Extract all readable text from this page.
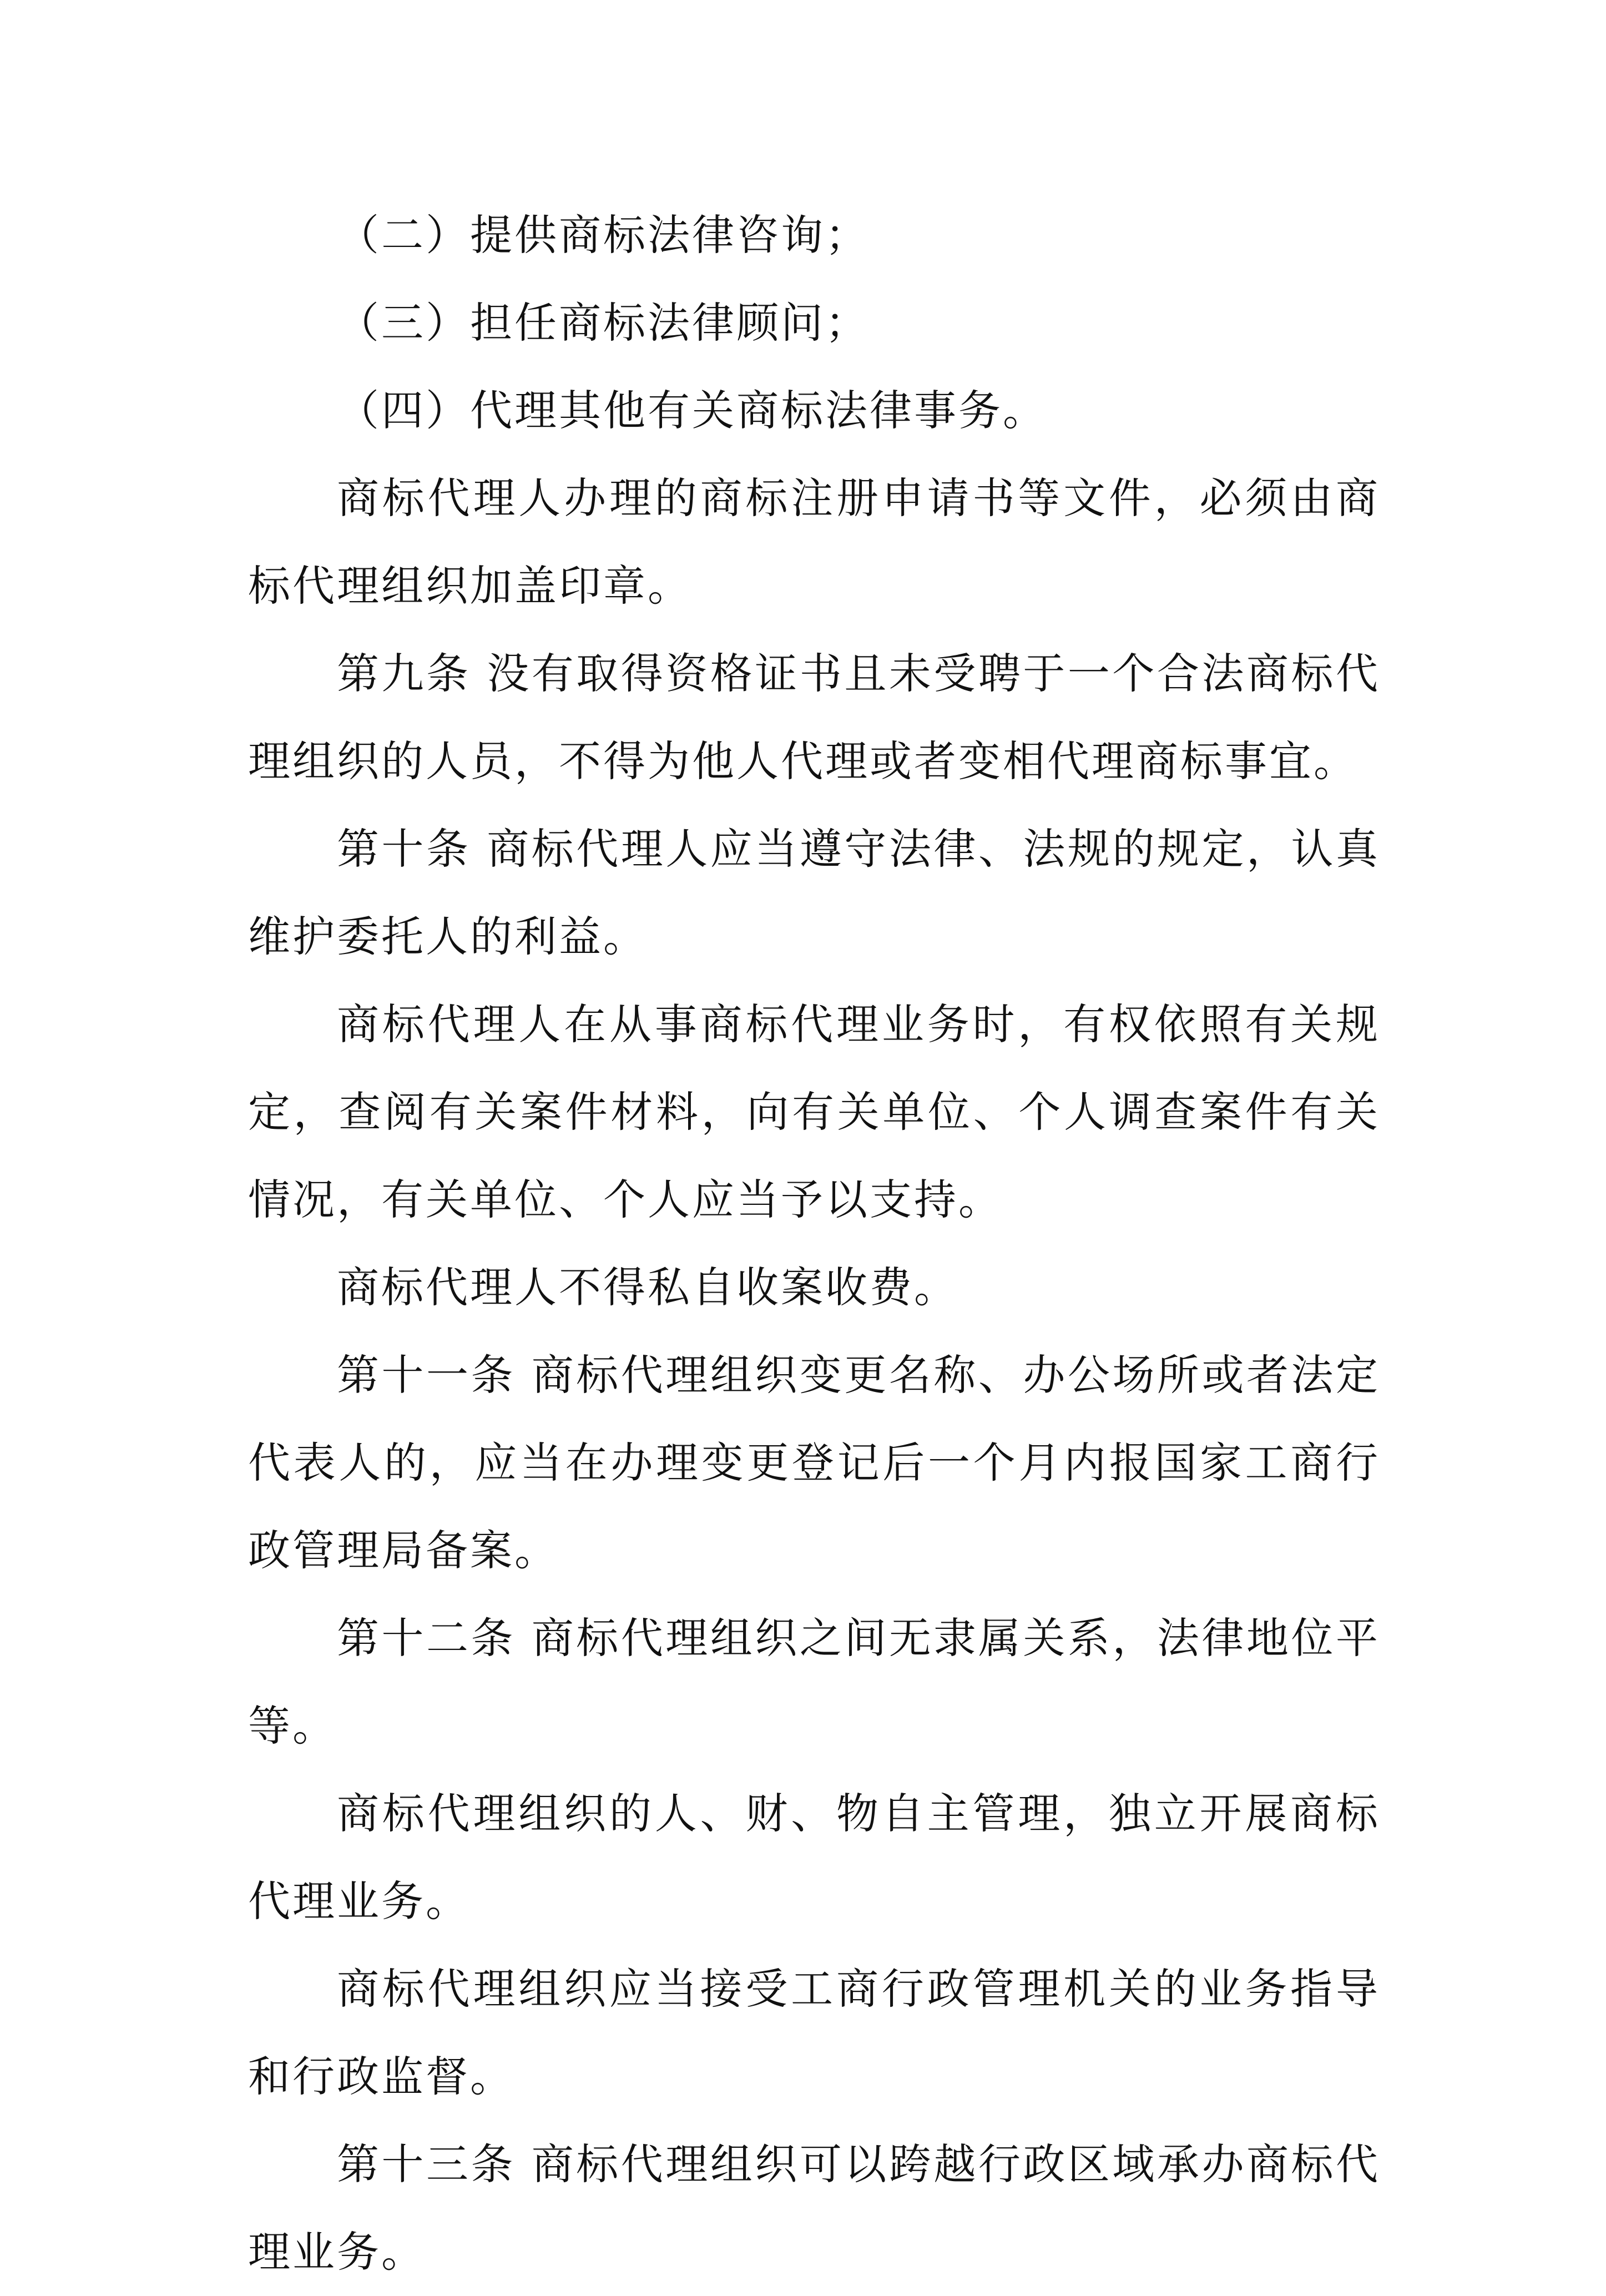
（二）提供商标法律咨询；

（三）担任商标法律顾问；

（四）代理其他有关商标法律事务。

商标代理人办理的商标注册申请书等文件，必须由商标代理组织加盖印章。

第九条 没有取得资格证书且未受聘于一个合法商标代理组织的人员，不得为他人代理或者变相代理商标事宜。

第十条 商标代理人应当遵守法律、法规的规定，认真维护委托人的利益。

商标代理人在从事商标代理业务时，有权依照有关规定，查阅有关案件材料，向有关单位、个人调查案件有关情况，有关单位、个人应当予以支持。

商标代理人不得私自收案收费。

第十一条 商标代理组织变更名称、办公场所或者法定代表人的，应当在办理变更登记后一个月内报国家工商行政管理局备案。

第十二条 商标代理组织之间无隶属关系，法律地位平等。

商标代理组织的人、财、物自主管理，独立开展商标代理业务。

商标代理组织应当接受工商行政管理机关的业务指导和行政监督。

第十三条 商标代理组织可以跨越行政区域承办商标代理业务。
